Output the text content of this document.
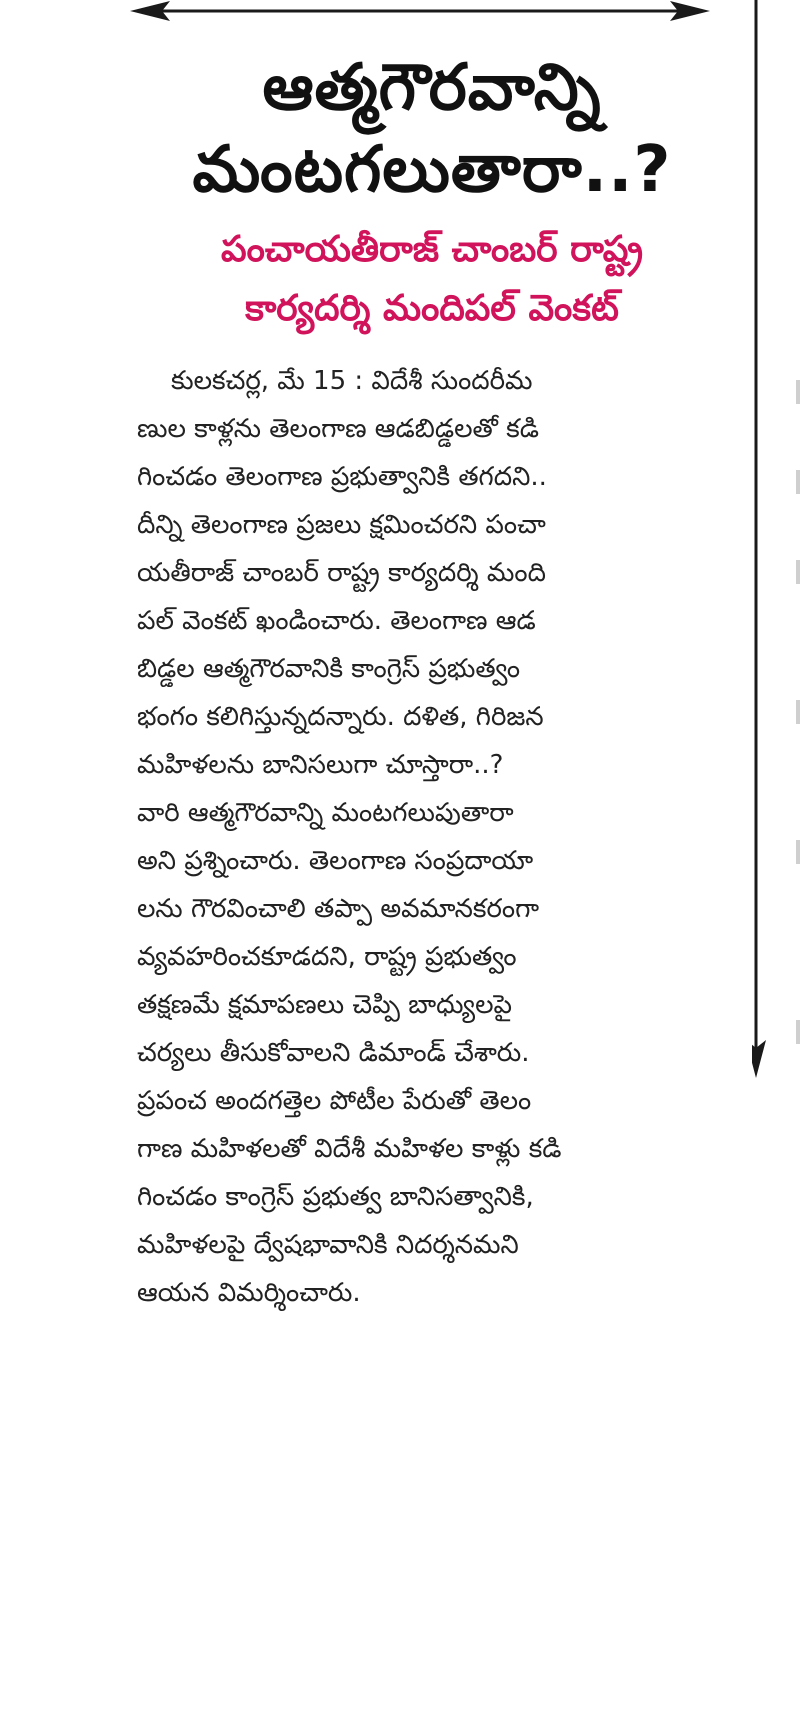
ఆత్మగౌరవాన్ని
మంటగలుతారా..?
పంచాయతీరాజ్ చాంబర్ రాష్ట్ర
కార్యదర్శి మందిపల్ వెంకట్
కులకచర్ల, మే 15 : విదేశీ సుందరీమ
ణుల కాళ్లను తెలంగాణ ఆడబిడ్డలతో కడి
గించడం తెలంగాణ ప్రభుత్వానికి తగదని..
దీన్ని తెలంగాణ ప్రజలు క్షమించరని పంచా
యతీరాజ్ చాంబర్ రాష్ట్ర కార్యదర్శి మంది
పల్ వెంకట్ ఖండించారు. తెలంగాణ ఆడ
బిడ్డల ఆత్మగౌరవానికి కాంగ్రెస్ ప్రభుత్వం
భంగం కలిగిస్తున్నదన్నారు. దళిత, గిరిజన
మహిళలను బానిసలుగా చూస్తారా..?
వారి ఆత్మగౌరవాన్ని మంటగలుపుతారా
అని ప్రశ్నించారు. తెలంగాణ సంప్రదాయా
లను గౌరవించాలి తప్పా అవమానకరంగా
వ్యవహరించకూడదని, రాష్ట్ర ప్రభుత్వం
తక్షణమే క్షమాపణలు చెప్పి బాధ్యులపై
చర్యలు తీసుకోవాలని డిమాండ్ చేశారు.
ప్రపంచ అందగత్తెల పోటీల పేరుతో తెలం
గాణ మహిళలతో విదేశీ మహిళల కాళ్లు కడి
గించడం కాంగ్రెస్ ప్రభుత్వ బానిసత్వానికి,
మహిళలపై ద్వేషభావానికి నిదర్శనమని
ఆయన విమర్శించారు.
